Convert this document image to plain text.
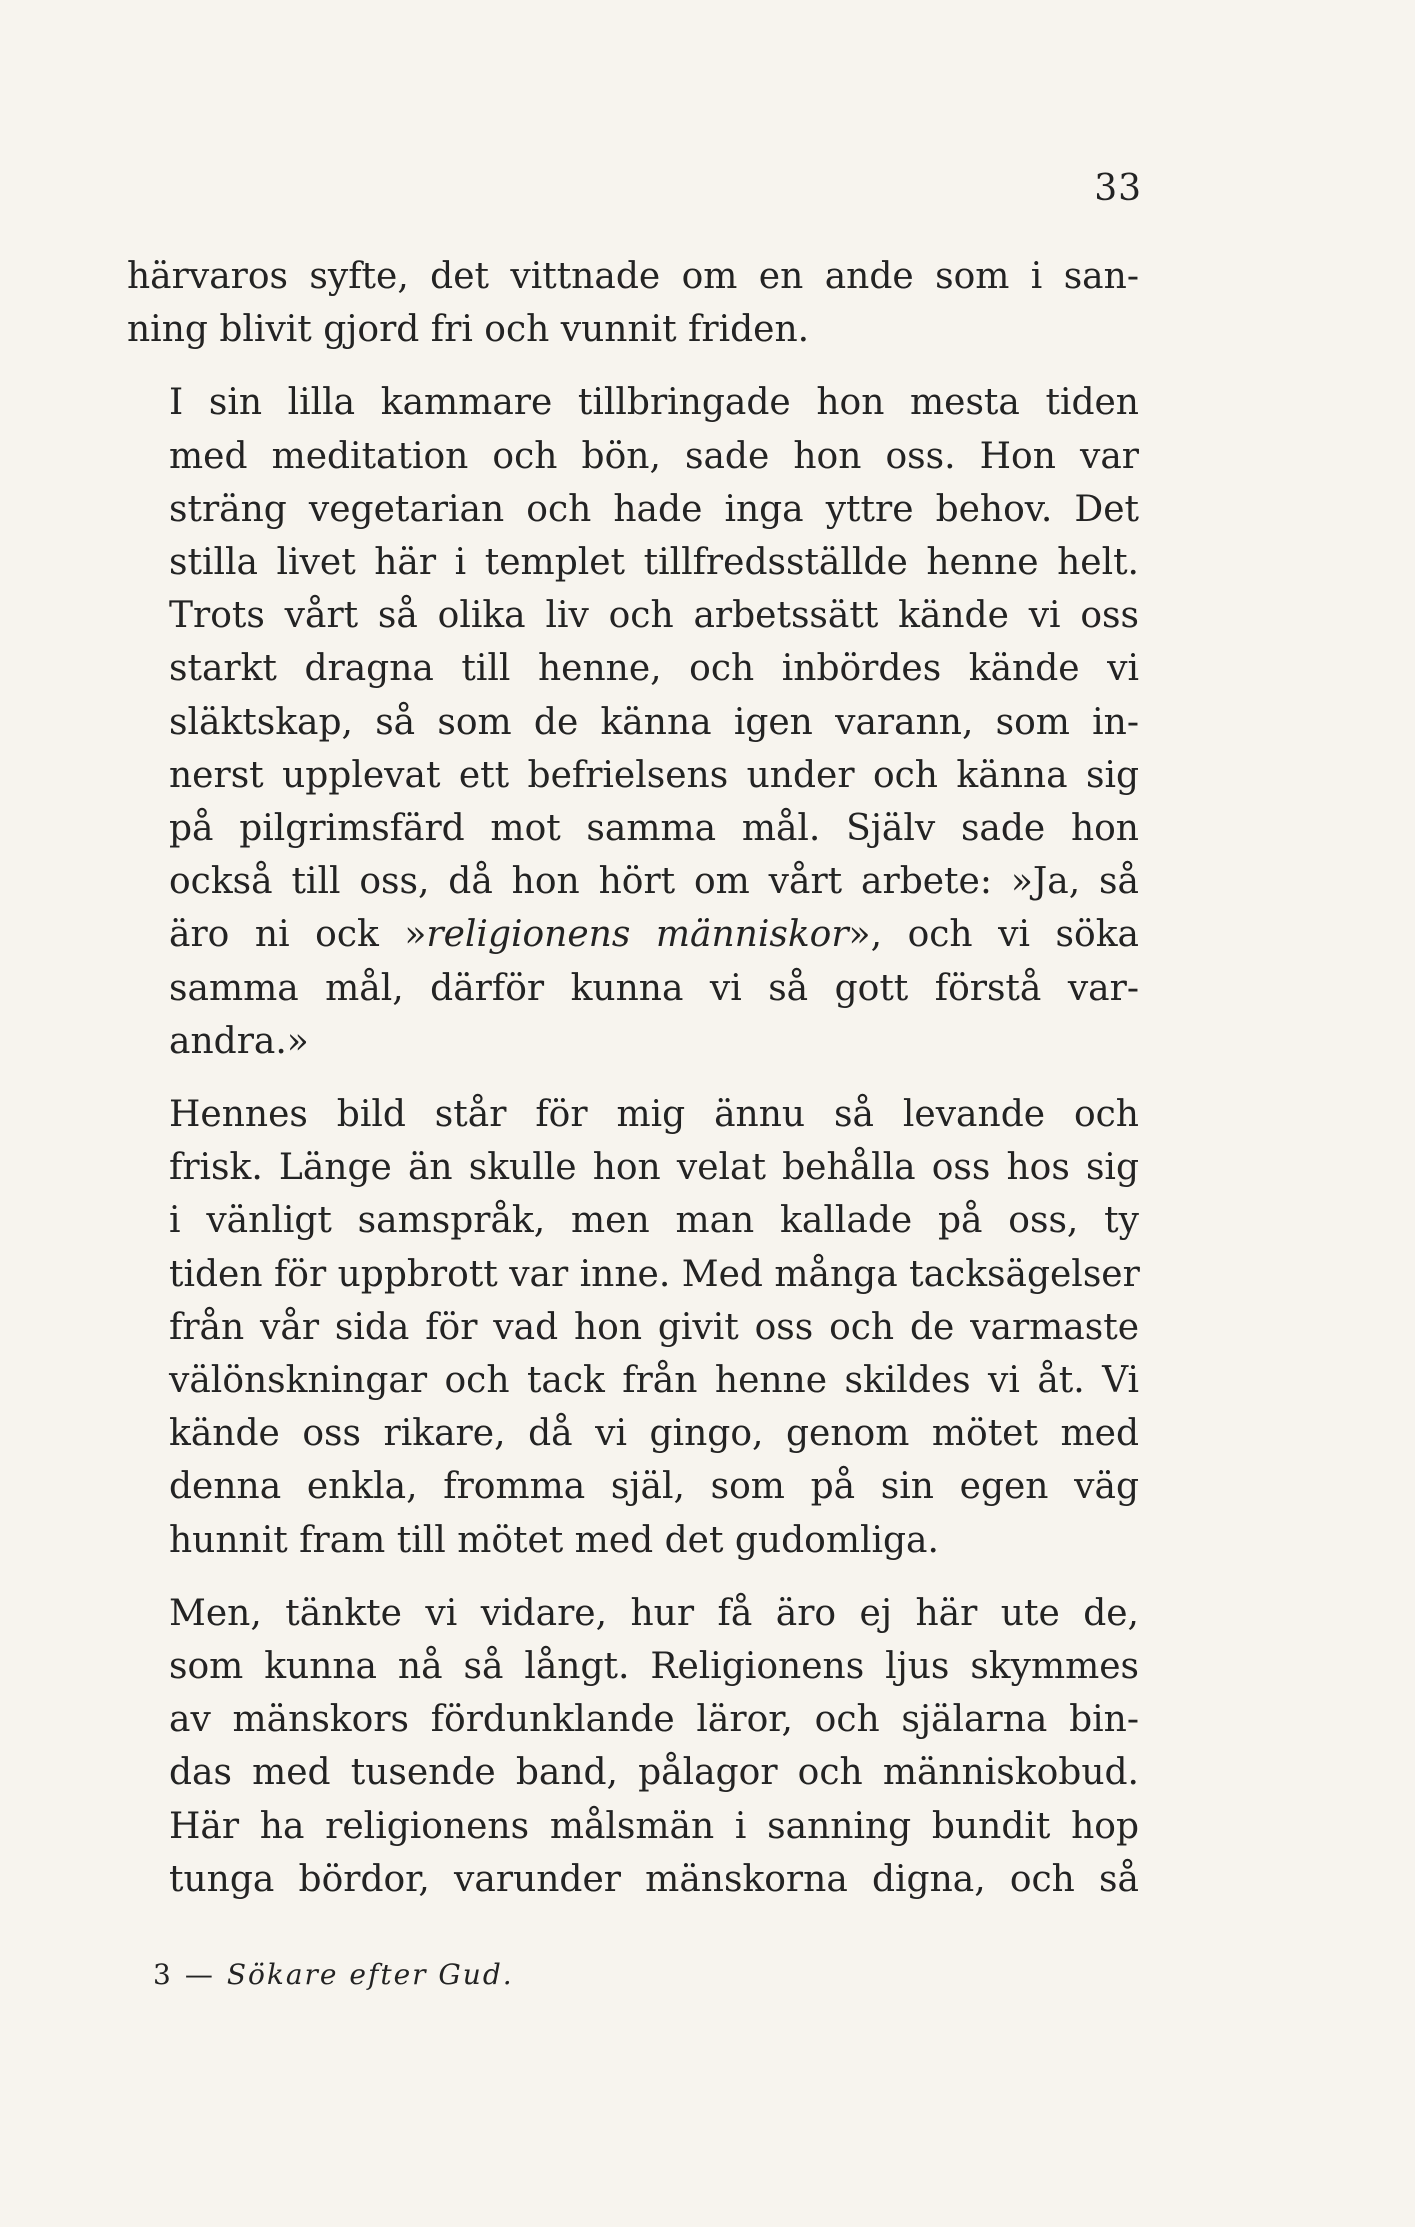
33

härvaros syfte, det vittnade om en ande som i san-
ning blivit gjord fri och vunnit friden.

I sin lilla kammare tillbringade hon mesta tiden
med meditation och bön, sade hon oss. Hon var
sträng vegetarian och hade inga yttre behov. Det
stilla livet här i templet tillfredsställde henne helt.
Trots vårt så olika liv och arbetssätt kände vi oss
starkt dragna till henne, och inbördes kände vi
släktskap, så som de känna igen varann, som in-
nerst upplevat ett befrielsens under och känna sig
på pilgrimsfärd mot samma mål. Själv sade hon
också till oss, då hon hört om vårt arbete: »Ja, så
äro ni ock »religionens människor», och vi söka
samma mål, därför kunna vi så gott förstå var-
andra.»

Hennes bild står för mig ännu så levande och
frisk. Länge än skulle hon velat behålla oss hos sig
i vänligt samspråk, men man kallade på oss, ty
tiden för uppbrott var inne. Med många tacksägelser
från vår sida för vad hon givit oss och de varmaste
välönskningar och tack från henne skildes vi åt. Vi
kände oss rikare, då vi gingo, genom mötet med
denna enkla, fromma själ, som på sin egen väg
hunnit fram till mötet med det gudomliga.

Men, tänkte vi vidare, hur få äro ej här ute de,
som kunna nå så långt. Religionens ljus skymmes
av mänskors fördunklande läror, och själarna bin-
das med tusende band, pålagor och människobud.
Här ha religionens målsmän i sanning bundit hop
tunga bördor, varunder mänskorna digna, och så

3 — Sökare efter Gud.
